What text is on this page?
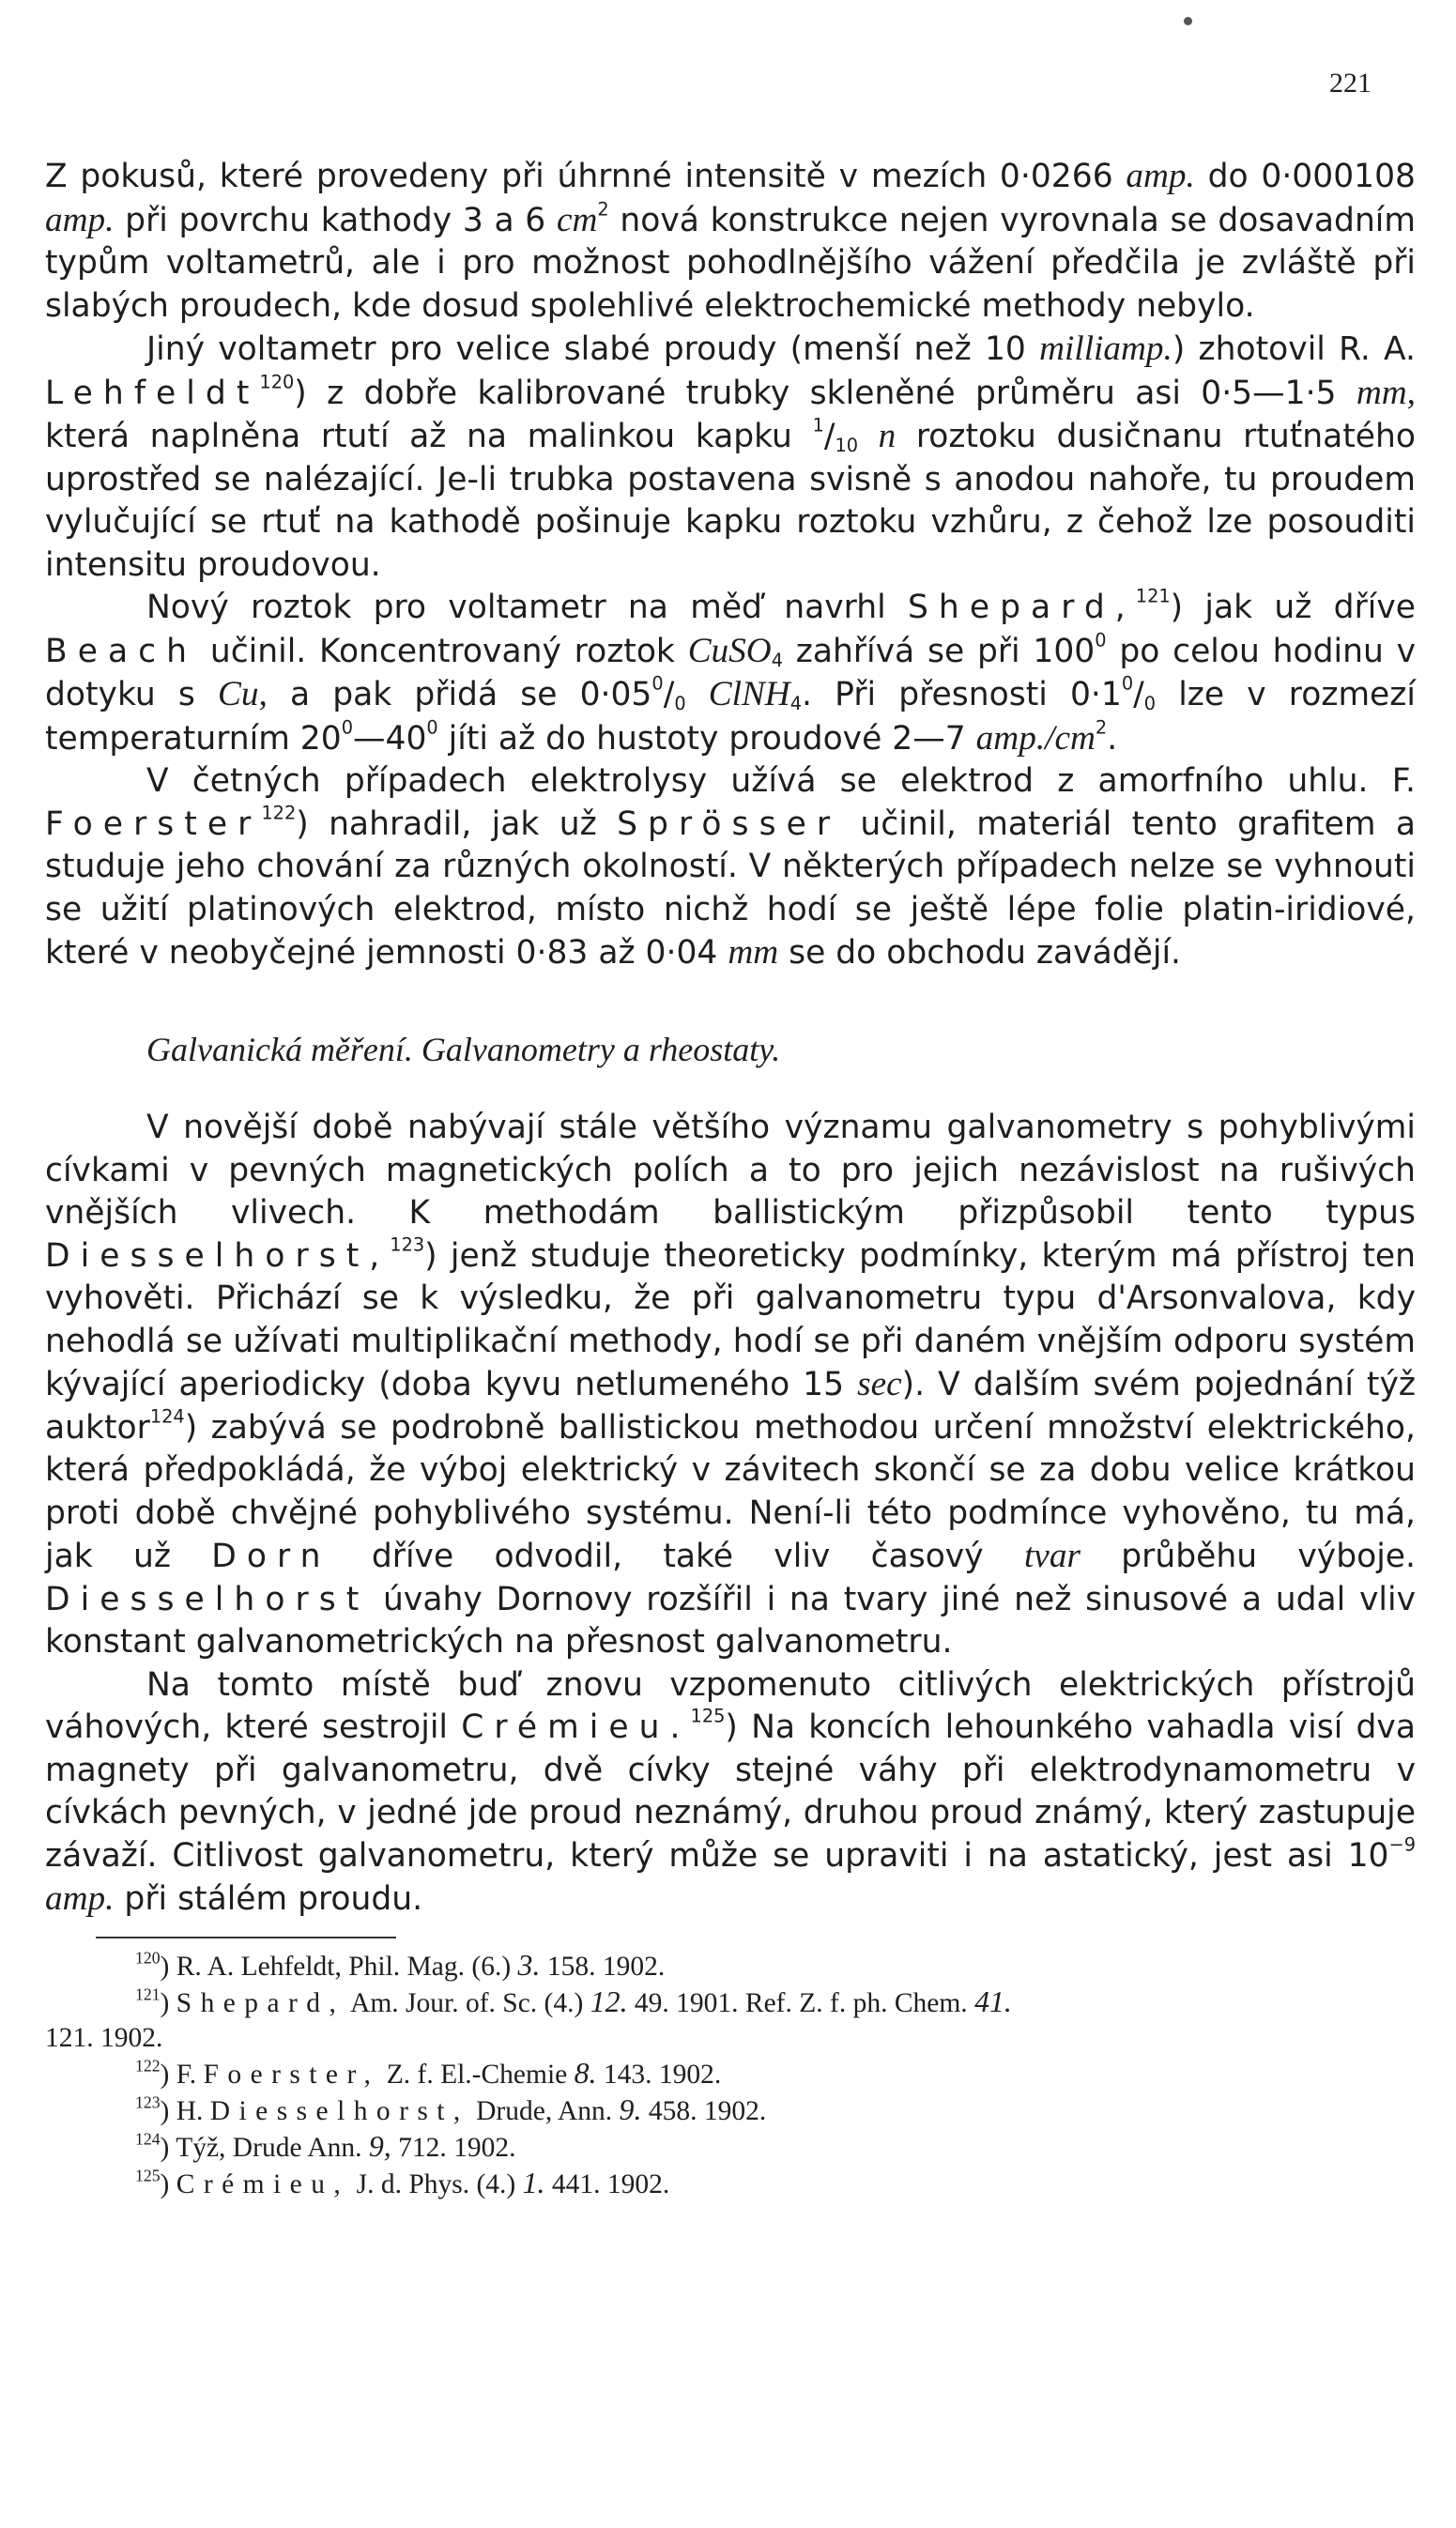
221

Z pokusů, které provedeny při úhrnné intensitě v mezích 0·0266 amp. do 0·000108 amp. při povrchu kathody 3 a 6 $cm^2$ nová konstrukce nejen vyrovnala se dosavadním typům voltametrů, ale i pro možnost pohodlnějšího vážení předčila je zvláště při slabých proudech, kde dosud spolehlivé elektrochemické methody nebylo.

Jiný voltametr pro velice slabé proudy (menší než 10 milliamp.) zhotovil R. A. Lehfeldt$^{120}$) z dobře kalibrované trubky skleněné průměru asi 0·5—1·5 mm, která naplněna rtutí až na malinkou kapku $^1/_{10}$ n roztoku dusičnanu rtuťnatého uprostřed se nalézající. Je-li trubka postavena svisně s anodou nahoře, tu proudem vylučující se rtuť na kathodě pošinuje kapku roztoku vzhůru, z čehož lze posouditi intensitu proudovou.

Nový roztok pro voltametr na měď navrhl Shepard,$^{121}$) jak už dříve Beach učinil. Koncentrovaný roztok CuSO$_4$ zahřívá se při $100^0$ po celou hodinu v dotyku s Cu, a pak přidá se $0\cdot 05^0/_0$ ClNH$_4$. Při přesnosti $0\cdot 1^0/_0$ lze v rozmezí temperaturním $20^0—40^0$ jíti až do hustoty proudové 2—7 $amp./cm^2$.

V četných případech elektrolysy užívá se elektrod z amorfního uhlu. F. Foerster$^{122}$) nahradil, jak už Sprösser učinil, materiál tento grafitem a studuje jeho chování za různých okolností. V některých případech nelze se vyhnouti se užití platinových elektrod, místo nichž hodí se ještě lépe folie platin-iridiové, které v neobyčejné jemnosti 0·83 až 0·04 mm se do obchodu zavádějí.

Galvanická měření. Galvanometry a rheostaty.

V novější době nabývají stále většího významu galvanometry s pohyblivými cívkami v pevných magnetických polích a to pro jejich nezávislost na rušivých vnějších vlivech. K methodám ballistickým přizpůsobil tento typus Diesselhorst,$^{123}$) jenž studuje theoreticky podmínky, kterým má přístroj ten vyhověti. Přichází se k výsledku, že při galvanometru typu d'Arsonvalova, kdy nehodlá se užívati multiplikační methody, hodí se při daném vnějším odporu systém kývající aperiodicky (doba kyvu netlumeného 15 sec). V dalším svém pojednání týž auktor$^{124}$) zabývá se podrobně ballistickou methodou určení množství elektrického, která předpokládá, že výboj elektrický v závitech skončí se za dobu velice krátkou proti době chvějné pohyblivého systému. Není-li této podmínce vyhověno, tu má, jak už Dorn dříve odvodil, také vliv časový tvar průběhu výboje. Diesselhorst úvahy Dornovy rozšířil i na tvary jiné než sinusové a udal vliv konstant galvanometrických na přesnost galvanometru.

Na tomto místě buď znovu vzpomenuto citlivých elektrických přístrojů váhových, které sestrojil Crémieu.$^{125}$) Na koncích lehounkého vahadla visí dva magnety při galvanometru, dvě cívky stejné váhy při elektrodynamometru v cívkách pevných, v jedné jde proud neznámý, druhou proud známý, který zastupuje závaží. Citlivost galvanometru, který může se upraviti i na astatický, jest asi $10^{-9}$ amp. při stálém proudu.

$^{120}$) R. A. Lehfeldt, Phil. Mag. (6.) 3. 158. 1902.
$^{121}$) Shepard, Am. Jour. of. Sc. (4.) 12. 49. 1901. Ref. Z. f. ph. Chem. 41.
121. 1902.
$^{122}$) F. Foerster, Z. f. El.-Chemie 8. 143. 1902.
$^{123}$) H. Diesselhorst, Drude, Ann. 9. 458. 1902.
$^{124}$) Týž, Drude Ann. 9, 712. 1902.
$^{125}$) Crémieu, J. d. Phys. (4.) 1. 441. 1902.
